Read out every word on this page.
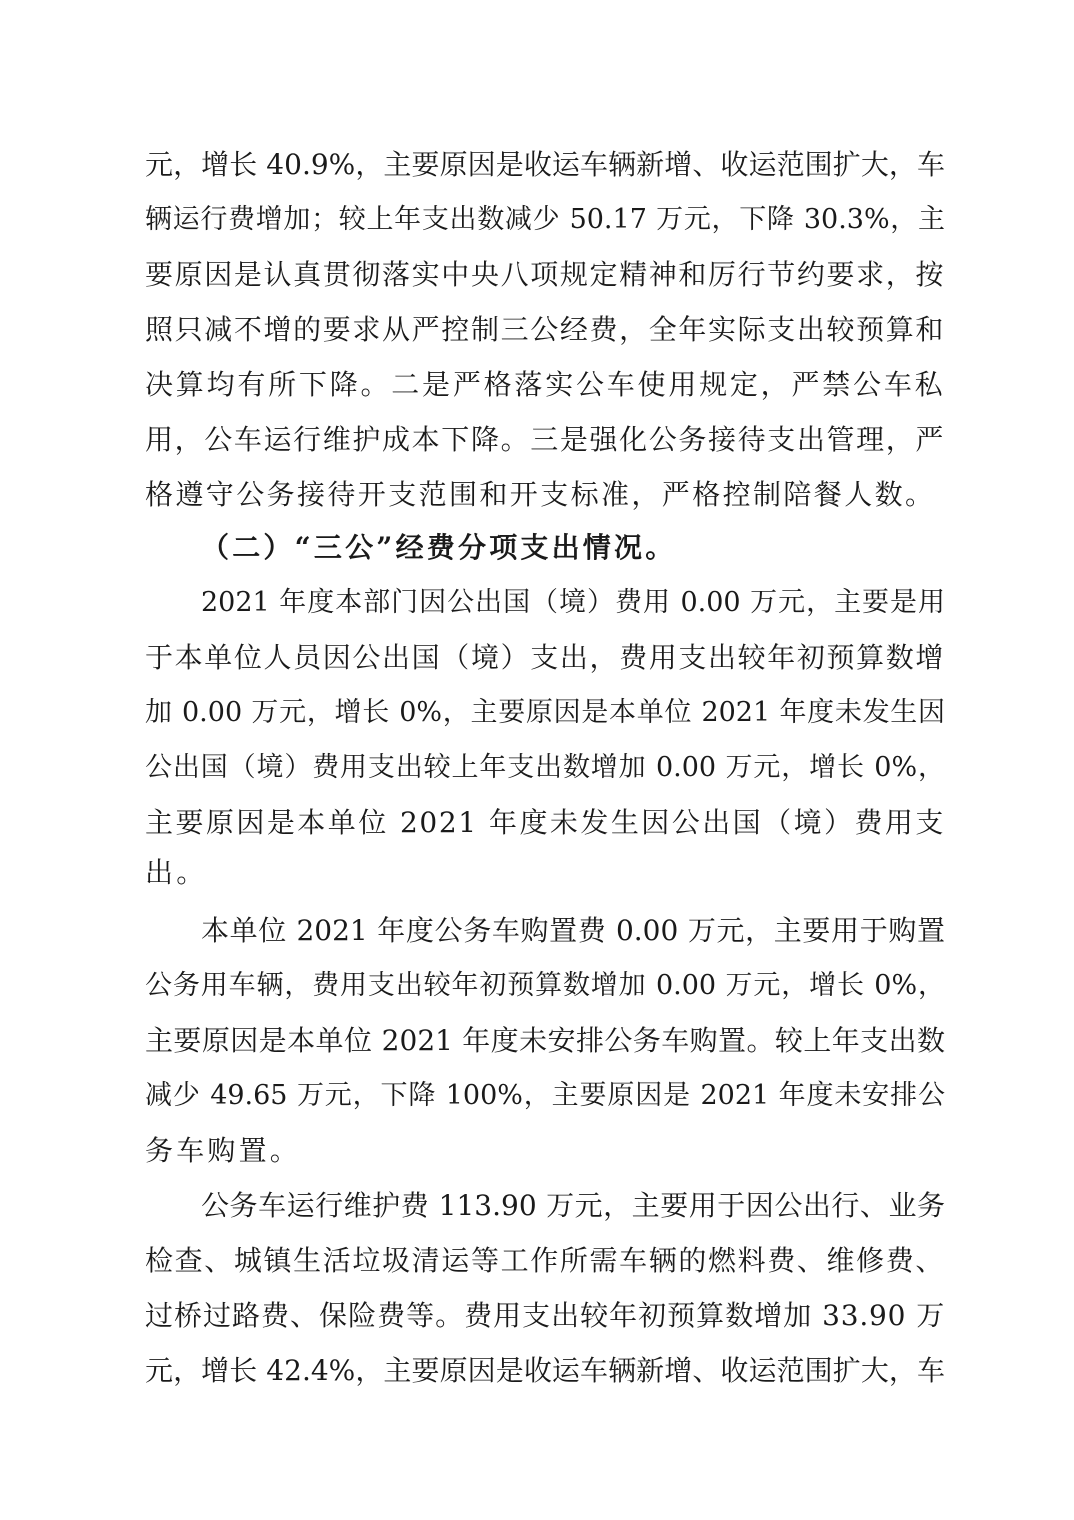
元，增长 40.9%，主要原因是收运车辆新增、收运范围扩大，车
辆运行费增加；较上年支出数减少 50.17 万元，下降 30.3%，主
要原因是认真贯彻落实中央八项规定精神和厉行节约要求，按
照只减不增的要求从严控制三公经费，全年实际支出较预算和
决算均有所下降。二是严格落实公车使用规定，严禁公车私
用，公车运行维护成本下降。三是强化公务接待支出管理，严
格遵守公务接待开支范围和开支标准，严格控制陪餐人数。
（二）“三公”经费分项支出情况。
2021 年度本部门因公出国（境）费用 0.00 万元，主要是用
于本单位人员因公出国（境）支出，费用支出较年初预算数增
加 0.00 万元，增长 0%，主要原因是本单位 2021 年度未发生因
公出国（境）费用支出较上年支出数增加 0.00 万元，增长 0%，
主要原因是本单位 2021 年度未发生因公出国（境）费用支
出。
本单位 2021 年度公务车购置费 0.00 万元，主要用于购置
公务用车辆，费用支出较年初预算数增加 0.00 万元，增长 0%，
主要原因是本单位 2021 年度未安排公务车购置。较上年支出数
减少 49.65 万元，下降 100%，主要原因是 2021 年度未安排公
务车购置。
公务车运行维护费 113.90 万元，主要用于因公出行、业务
检查、城镇生活垃圾清运等工作所需车辆的燃料费、维修费、
过桥过路费、保险费等。费用支出较年初预算数增加 33.90 万
元，增长 42.4%，主要原因是收运车辆新增、收运范围扩大，车
